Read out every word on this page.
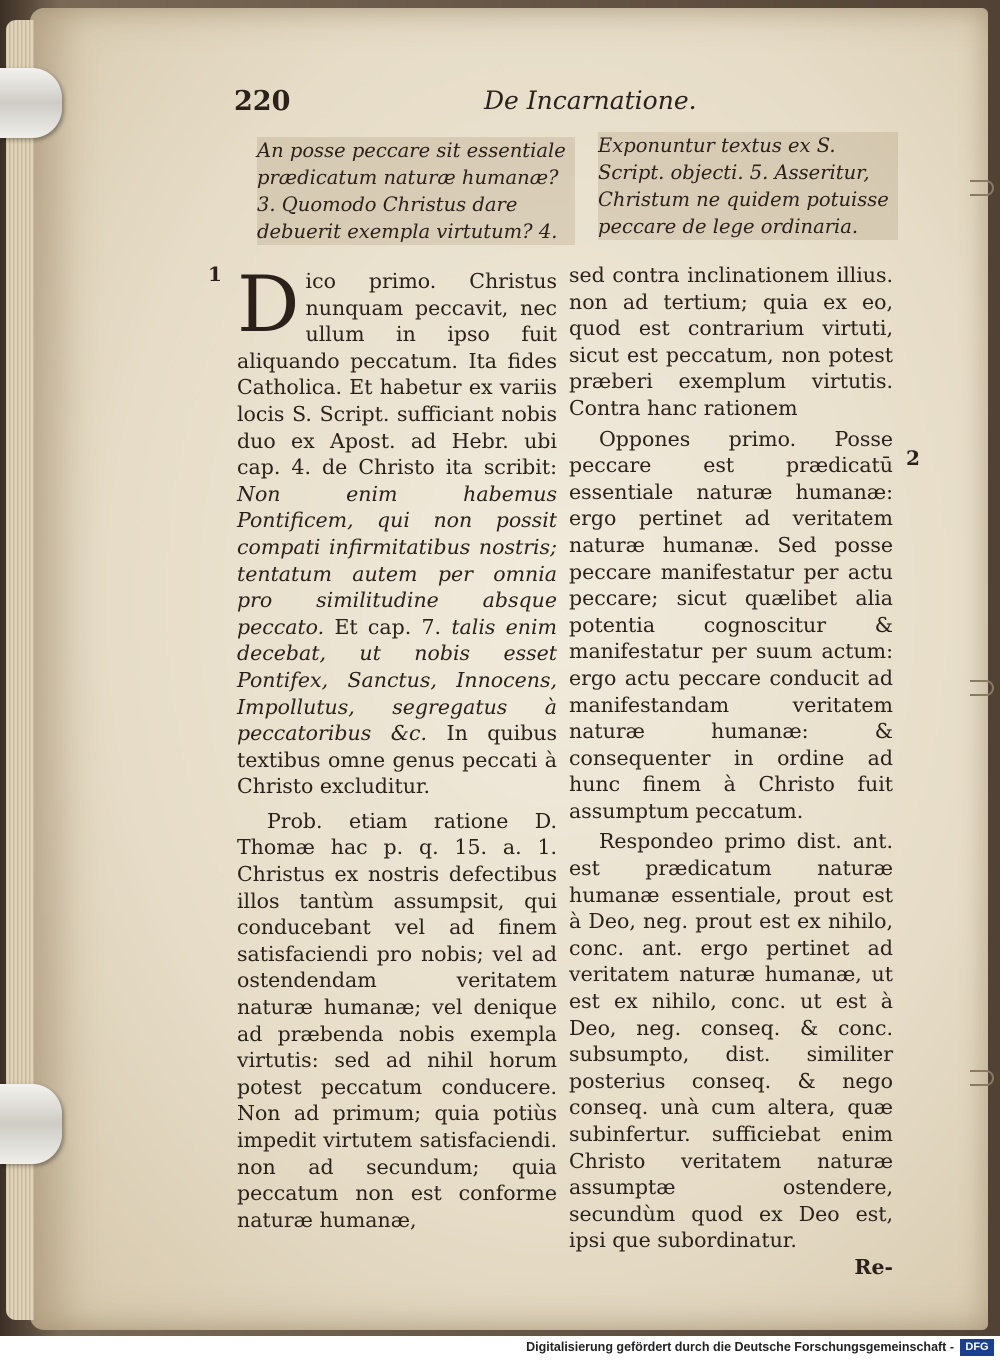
220	De Incarnatione.
An posse peccare sit essentiale prædicatum naturæ humanæ? 3. Quomodo Christus dare debuerit exempla virtutum? 4.
Exponuntur textus ex S. Script. objecti. 5. Asseritur, Christum ne quidem potuisse peccare de lege ordinaria.
1
2

Dico primo. Christus nunquam peccavit, nec ullum in ipso fuit aliquando peccatum. Ita fides Catholica. Et habetur ex variis locis S. Script. sufficiant nobis duo ex Apost. ad Hebr. ubi cap. 4. de Christo ita scribit: Non enim habemus Pontificem, qui non possit compati infirmitatibus nostris; tentatum autem per omnia pro similitudine absque peccato. Et cap. 7. talis enim decebat, ut nobis esset Pontifex, Sanctus, Innocens, Impollutus, segregatus à peccatoribus &c. In quibus textibus omne genus peccati à Christo excluditur.

Prob. etiam ratione D. Thomæ hac p. q. 15. a. 1. Christus ex nostris defectibus illos tantùm assumpsit, qui conducebant vel ad finem satisfaciendi pro nobis; vel ad ostendendam veritatem naturæ humanæ; vel denique ad præbenda nobis exempla virtutis: sed ad nihil horum potest peccatum conducere. Non ad primum; quia potiùs impedit virtutem satisfaciendi. non ad secundum; quia peccatum non est conforme naturæ humanæ,

sed contra inclinationem illius. non ad tertium; quia ex eo, quod est contrarium virtuti, sicut est peccatum, non potest præberi exemplum virtutis. Contra hanc rationem

Oppones primo. Posse peccare est prædicatū essentiale naturæ humanæ: ergo pertinet ad veritatem naturæ humanæ. Sed posse peccare manifestatur per actu peccare; sicut quælibet alia potentia cognoscitur & manifestatur per suum actum: ergo actu peccare conducit ad manifestandam veritatem naturæ humanæ: & consequenter in ordine ad hunc finem à Christo fuit assumptum peccatum.

Respondeo primo dist. ant. est prædicatum naturæ humanæ essentiale, prout est à Deo, neg. prout est ex nihilo, conc. ant. ergo pertinet ad veritatem naturæ humanæ, ut est ex nihilo, conc. ut est à Deo, neg. conseq. & conc. subsumpto, dist. similiter posterius conseq. & nego conseq. unà cum altera, quæ subinfertur. sufficiebat enim Christo veritatem naturæ assumptæ ostendere, secundùm quod ex Deo est, ipsi que subordinatur.

Re-

Digitalisierung gefördert durch die Deutsche Forschungsgemeinschaft -	DFG
